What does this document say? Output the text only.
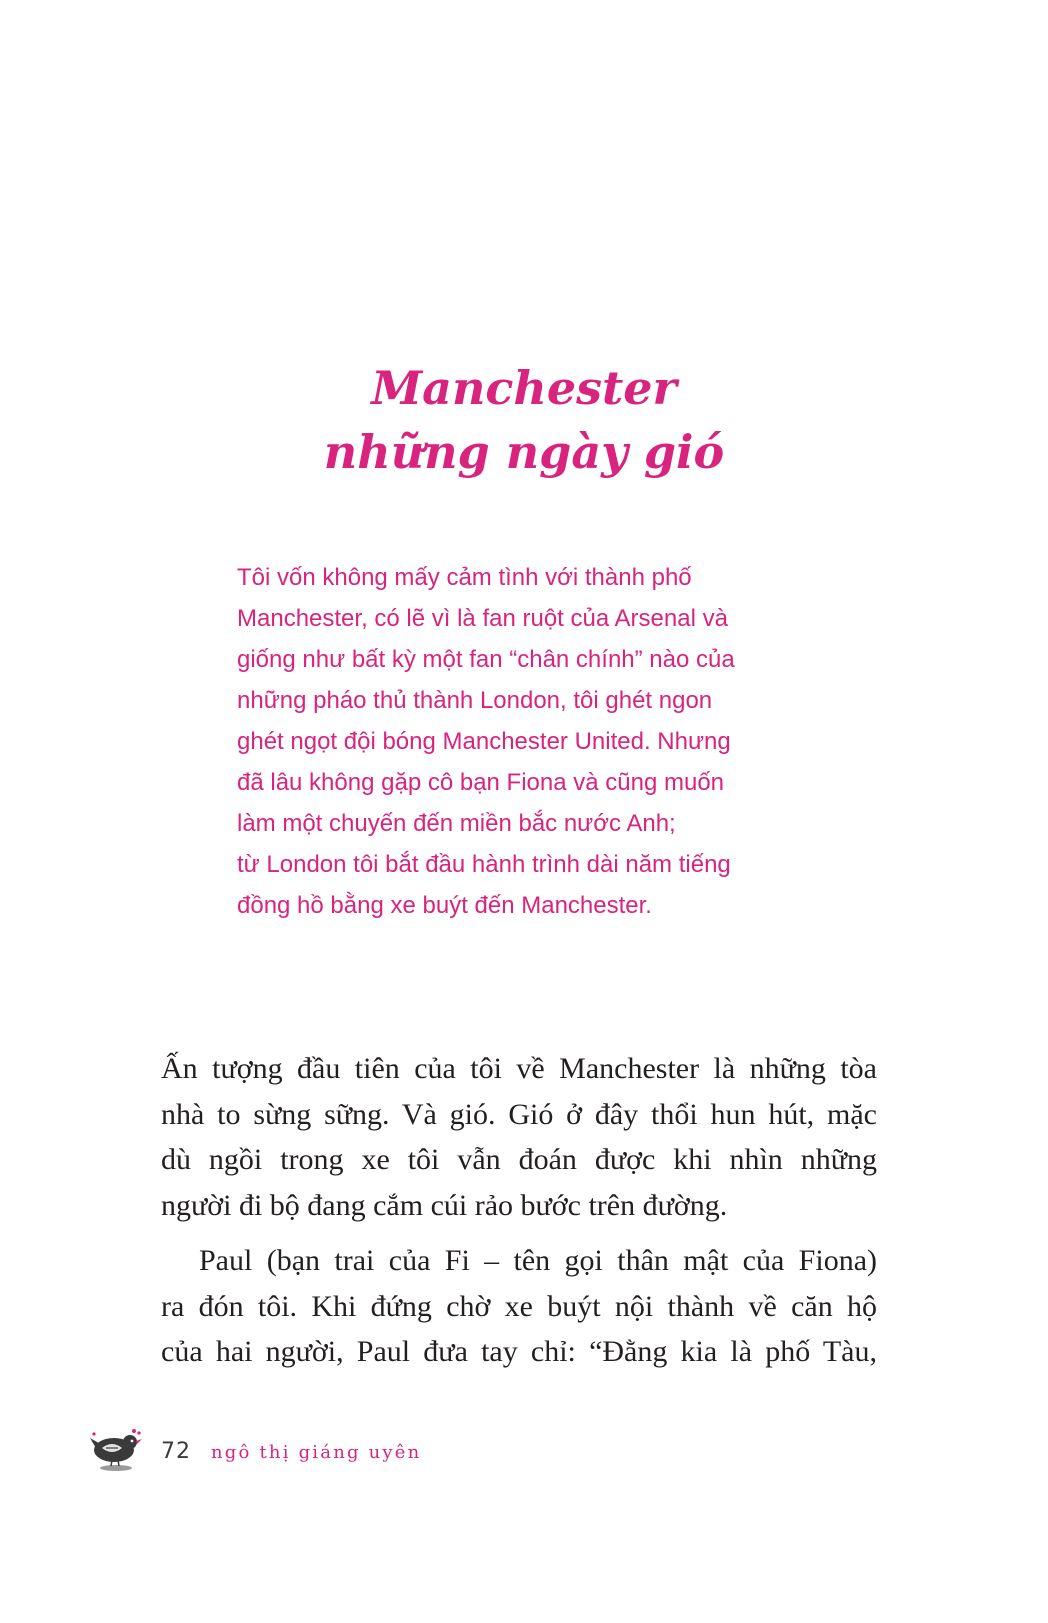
Manchester
những ngày gió
Tôi vốn không mấy cảm tình với thành phố
Manchester, có lẽ vì là fan ruột của Arsenal và
giống như bất kỳ một fan “chân chính” nào của
những pháo thủ thành London, tôi ghét ngon
ghét ngọt đội bóng Manchester United. Nhưng
đã lâu không gặp cô bạn Fiona và cũng muốn
làm một chuyến đến miền bắc nước Anh;
từ London tôi bắt đầu hành trình dài năm tiếng
đồng hồ bằng xe buýt đến Manchester.
Ấn tượng đầu tiên của tôi về Manchester là những tòa
nhà to sừng sững. Và gió. Gió ở đây thổi hun hút, mặc
dù ngồi trong xe tôi vẫn đoán được khi nhìn những
người đi bộ đang cắm cúi rảo bước trên đường.
Paul (bạn trai của Fi – tên gọi thân mật của Fiona)
ra đón tôi. Khi đứng chờ xe buýt nội thành về căn hộ
của hai người, Paul đưa tay chỉ: “Đằng kia là phố Tàu,
72 ngô thị giáng uyên
